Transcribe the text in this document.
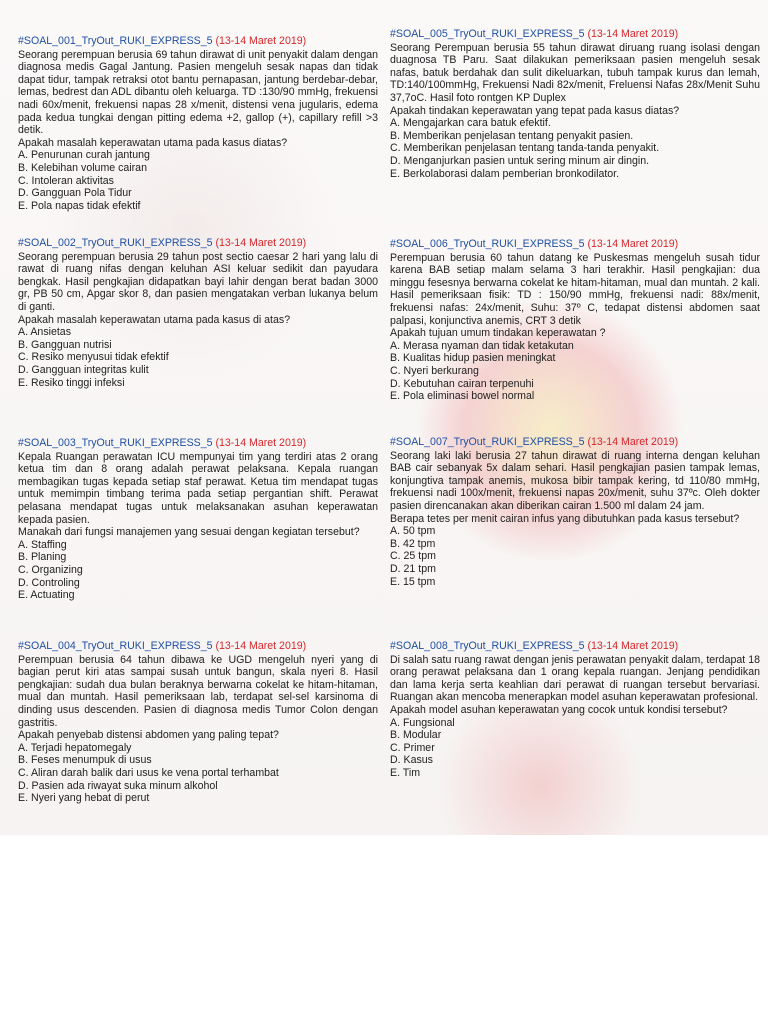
#SOAL_001_TryOut_RUKI_EXPRESS_5 (13-14 Maret 2019)

Seorang perempuan berusia 69 tahun dirawat di unit penyakit dalam dengan diagnosa medis Gagal Jantung. Pasien mengeluh sesak napas dan tidak dapat tidur, tampak retraksi otot bantu pernapasan, jantung berdebar-debar, lemas, bedrest dan ADL dibantu oleh keluarga. TD :130/90 mmHg, frekuensi nadi 60x/menit, frekuensi napas 28 x/menit, distensi vena jugularis, edema pada kedua tungkai dengan pitting edema +2, gallop (+), capillary refill >3 detik.

Apakah masalah keperawatan utama pada kasus diatas?

A. Penurunan curah jantung
B. Kelebihan volume cairan
C. Intoleran aktivitas
D. Gangguan Pola Tidur
E. Pola napas tidak efektif
#SOAL_002_TryOut_RUKI_EXPRESS_5 (13-14 Maret 2019)

Seorang perempuan berusia 29 tahun post sectio caesar 2 hari yang lalu di rawat di ruang nifas dengan keluhan ASI keluar sedikit dan payudara bengkak. Hasil pengkajian didapatkan bayi lahir dengan berat badan 3000 gr, PB 50 cm, Apgar skor 8, dan pasien mengatakan verban lukanya belum di ganti.

Apakah masalah keperawatan utama pada kasus di atas?

A. Ansietas
B. Gangguan nutrisi
C. Resiko menyusui tidak efektif
D. Gangguan integritas kulit
E. Resiko tinggi infeksi
#SOAL_003_TryOut_RUKI_EXPRESS_5 (13-14 Maret 2019)

Kepala Ruangan perawatan ICU mempunyai tim yang terdiri atas 2 orang ketua tim dan 8 orang adalah perawat pelaksana. Kepala ruangan membagikan tugas kepada setiap staf perawat. Ketua tim mendapat tugas untuk memimpin timbang terima pada setiap pergantian shift. Perawat pelasana mendapat tugas untuk melaksanakan asuhan keperawatan kepada pasien.

Manakah dari fungsi manajemen yang sesuai dengan kegiatan tersebut?

A. Staffing
B. Planing
C. Organizing
D. Controling
E. Actuating
#SOAL_004_TryOut_RUKI_EXPRESS_5 (13-14 Maret 2019)

Perempuan berusia 64 tahun dibawa ke UGD mengeluh nyeri yang di bagian perut kiri atas sampai susah untuk bangun, skala nyeri 8. Hasil pengkajian: sudah dua bulan beraknya berwarna cokelat ke hitam-hitaman, mual dan muntah. Hasil pemeriksaan lab, terdapat sel-sel karsinoma di dinding usus descenden. Pasien di diagnosa medis Tumor Colon dengan gastritis.

Apakah penyebab distensi abdomen yang paling tepat?

A. Terjadi hepatomegaly
B. Feses menumpuk di usus
C. Aliran darah balik dari usus ke vena portal terhambat
D. Pasien ada riwayat suka minum alkohol
E. Nyeri yang hebat di perut
#SOAL_005_TryOut_RUKI_EXPRESS_5 (13-14 Maret 2019)

Seorang Perempuan berusia 55 tahun dirawat diruang ruang isolasi dengan duagnosa TB Paru. Saat dilakukan pemeriksaan pasien mengeluh sesak nafas, batuk berdahak dan sulit dikeluarkan, tubuh tampak kurus dan lemah, TD:140/100mmHg, Frekuensi Nadi 82x/menit, Freluensi Nafas 28x/Menit Suhu 37,7oC. Hasil foto rontgen KP Duplex

Apakah tindakan keperawatan yang tepat pada kasus diatas?

A. Mengajarkan cara batuk efektif.
B. Memberikan penjelasan tentang penyakit pasien.
C. Memberikan penjelasan tentang tanda-tanda penyakit.
D. Menganjurkan pasien untuk sering minum air dingin.
E. Berkolaborasi dalam pemberian bronkodilator.
#SOAL_006_TryOut_RUKI_EXPRESS_5 (13-14 Maret 2019)

Perempuan berusia 60 tahun datang ke Puskesmas mengeluh susah tidur karena BAB setiap malam selama 3 hari terakhir. Hasil pengkajian: dua minggu fesesnya berwarna cokelat ke hitam-hitaman, mual dan muntah. 2 kali. Hasil pemeriksaan fisik: TD : 150/90 mmHg, frekuensi nadi: 88x/menit, frekuensi nafas: 24x/menit, Suhu: 37º C, tedapat distensi abdomen saat palpasi, konjunctiva anemis, CRT 3 detik

Apakah tujuan umum tindakan keperawatan ?

A. Merasa nyaman dan tidak ketakutan
B. Kualitas hidup pasien meningkat
C. Nyeri berkurang
D. Kebutuhan cairan terpenuhi
E. Pola eliminasi bowel normal
#SOAL_007_TryOut_RUKI_EXPRESS_5 (13-14 Maret 2019)

Seorang laki laki berusia 27 tahun dirawat di ruang interna dengan keluhan BAB cair sebanyak 5x dalam sehari. Hasil pengkajian pasien tampak lemas, konjungtiva tampak anemis, mukosa bibir tampak kering, td 110/80 mmHg, frekuensi nadi 100x/menit, frekuensi napas 20x/menit, suhu 37ºc. Oleh dokter pasien direncanakan akan diberikan cairan 1.500 ml dalam 24 jam.

Berapa tetes per menit cairan infus yang dibutuhkan pada kasus tersebut?

A. 50 tpm
B. 42 tpm
C. 25 tpm
D. 21 tpm
E. 15 tpm
#SOAL_008_TryOut_RUKI_EXPRESS_5 (13-14 Maret 2019)

Di salah satu ruang rawat dengan jenis perawatan penyakit dalam, terdapat 18 orang perawat pelaksana dan 1 orang kepala ruangan. Jenjang pendidikan dan lama kerja serta keahlian dari perawat di ruangan tersebut bervariasi. Ruangan akan mencoba menerapkan model asuhan keperawatan profesional.

Apakah model asuhan keperawatan yang cocok untuk kondisi tersebut?

A. Fungsional
B. Modular
C. Primer
D. Kasus
E. Tim
